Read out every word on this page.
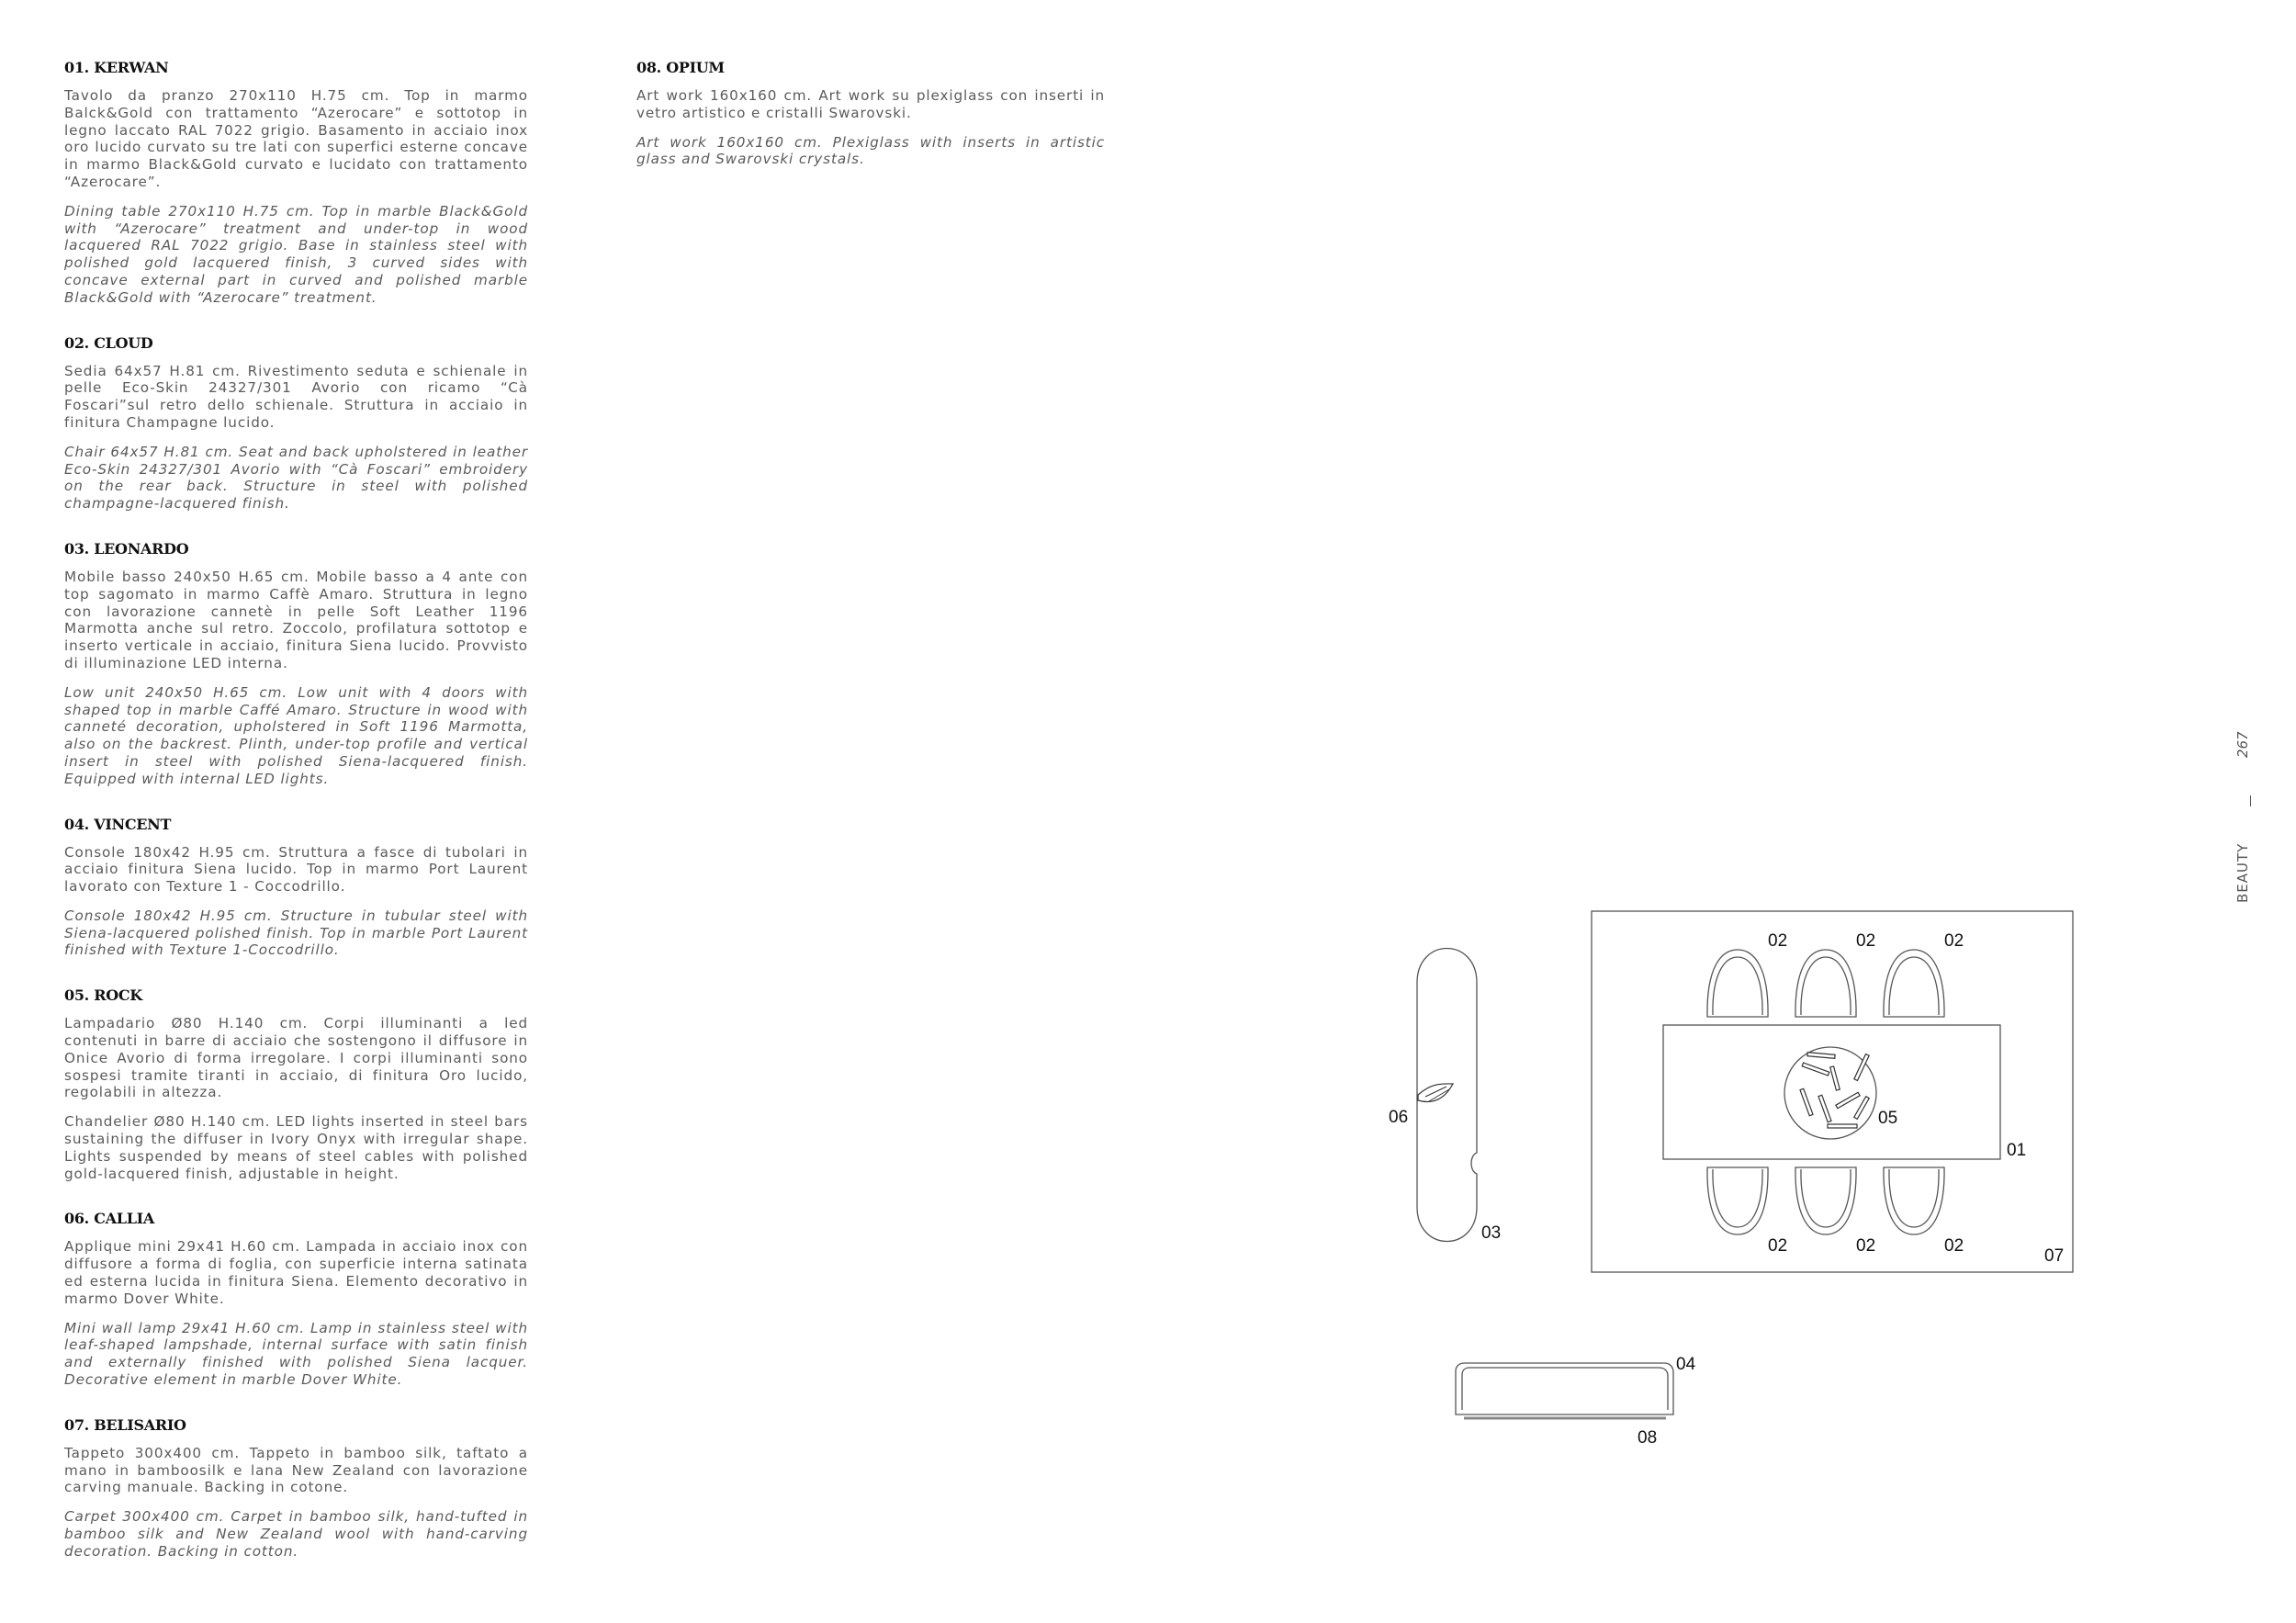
01. KERWAN

Tavolo da pranzo 270x110 H.75 cm. Top in marmo Balck&Gold con trattamento “Azerocare” e sottotop in legno laccato RAL 7022 grigio. Basamento in acciaio inox oro lucido curvato su tre lati con superfici esterne concave in marmo Black&Gold curvato e lucidato con trattamento “Azerocare”.

Dining table 270x110 H.75 cm. Top in marble Black&Gold with “Azerocare” treatment and under-top in wood lacquered RAL 7022 grigio. Base in stainless steel with polished gold lacquered finish, 3 curved sides with concave external part in curved and polished marble Black&Gold with “Azerocare” treatment.

02. CLOUD

Sedia 64x57 H.81 cm. Rivestimento seduta e schienale in pelle Eco-Skin 24327/301 Avorio con ricamo “Cà Foscari”sul retro dello schienale. Struttura in acciaio in finitura Champagne lucido.

Chair 64x57 H.81 cm. Seat and back upholstered in leather Eco-Skin 24327/301 Avorio with “Cà Foscari” embroidery on the rear back. Structure in steel with polished champagne-lacquered finish.

03. LEONARDO

Mobile basso 240x50 H.65 cm. Mobile basso a 4 ante con top sagomato in marmo Caffè Amaro. Struttura in legno con lavorazione cannetè in pelle Soft Leather 1196 Marmotta anche sul retro. Zoccolo, profilatura sottotop e inserto verticale in acciaio, finitura Siena lucido. Provvisto di illuminazione LED interna.

Low unit 240x50 H.65 cm. Low unit with 4 doors with shaped top in marble Caffé Amaro. Structure in wood with canneté decoration, upholstered in Soft 1196 Marmotta, also on the backrest. Plinth, under-top profile and vertical insert in steel with polished Siena-lacquered finish. Equipped with internal LED lights.

04. VINCENT

Console 180x42 H.95 cm. Struttura a fasce di tubolari in acciaio finitura Siena lucido. Top in marmo Port Laurent lavorato con Texture 1 - Coccodrillo.

Console 180x42 H.95 cm. Structure in tubular steel with Siena-lacquered polished finish. Top in marble Port Laurent finished with Texture 1-Coccodrillo.

05. ROCK

Lampadario Ø80 H.140 cm. Corpi illuminanti a led contenuti in barre di acciaio che sostengono il diffusore in Onice Avorio di forma irregolare. I corpi illuminanti sono sospesi tramite tiranti in acciaio, di finitura Oro lucido, regolabili in altezza.

Chandelier Ø80 H.140 cm. LED lights inserted in steel bars sustaining the diffuser in Ivory Onyx with irregular shape. Lights suspended by means of steel cables with polished gold-lacquered finish, adjustable in height.

06. CALLIA

Applique mini 29x41 H.60 cm. Lampada in acciaio inox con diffusore a forma di foglia, con superficie interna satinata ed esterna lucida in finitura Siena. Elemento decorativo in marmo Dover White.

Mini wall lamp 29x41 H.60 cm. Lamp in stainless steel with leaf-shaped lampshade, internal surface with satin finish and externally finished with polished Siena lacquer. Decorative element in marble Dover White.

07. BELISARIO

Tappeto 300x400 cm. Tappeto in bamboo silk, taftato a mano in bamboosilk e lana New Zealand con lavorazione carving manuale. Backing in cotone.

Carpet 300x400 cm. Carpet in bamboo silk, hand-tufted in bamboo silk and New Zealand wool with hand-carving decoration. Backing in cotton.

08. OPIUM

Art work 160x160 cm. Art work su plexiglass con inserti in vetro artistico e cristalli Swarovski.

Art work 160x160 cm. Plexiglass with inserts in artistic glass and Swarovski crystals.

267
BEAUTY
02	02	02
02	02	02
01
05
07
03
06
04
08
